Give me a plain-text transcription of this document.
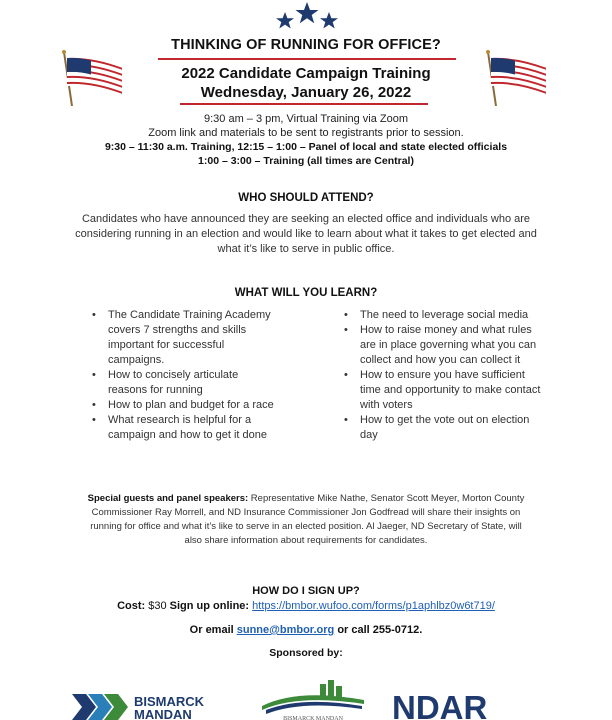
THINKING OF RUNNING FOR OFFICE?
2022 Candidate Campaign Training
Wednesday, January 26, 2022
9:30 am – 3 pm, Virtual Training via Zoom
Zoom link and materials to be sent to registrants prior to session.
9:30 – 11:30 a.m. Training, 12:15 – 1:00 – Panel of local and state elected officials
1:00 – 3:00 – Training (all times are Central)
WHO SHOULD ATTEND?
Candidates who have announced they are seeking an elected office and individuals who are considering running in an election and would like to learn about what it takes to get elected and what it’s like to serve in public office.
WHAT WILL YOU LEARN?
• The Candidate Training Academy covers 7 strengths and skills important for successful campaigns.
• How to concisely articulate reasons for running
• How to plan and budget for a race
• What research is helpful for a campaign and how to get it done
• The need to leverage social media
• How to raise money and what rules are in place governing what you can collect and how you can collect it
• How to ensure you have sufficient time and opportunity to make contact with voters
• How to get the vote out on election day
Special guests and panel speakers: Representative Mike Nathe, Senator Scott Meyer, Morton County Commissioner Ray Morrell, and ND Insurance Commissioner Jon Godfread will share their insights on running for office and what it’s like to serve in an elected position. Al Jaeger, ND Secretary of State, will also share information about requirements for candidates.
HOW DO I SIGN UP?
Cost: $30 Sign up online: https://bmbor.wufoo.com/forms/p1aphlbz0w6t719/
Or email sunne@bmbor.org or call 255-0712.
Sponsored by:
BISMARCK
MANDAN	BISMARCK MANDAN NDAR
